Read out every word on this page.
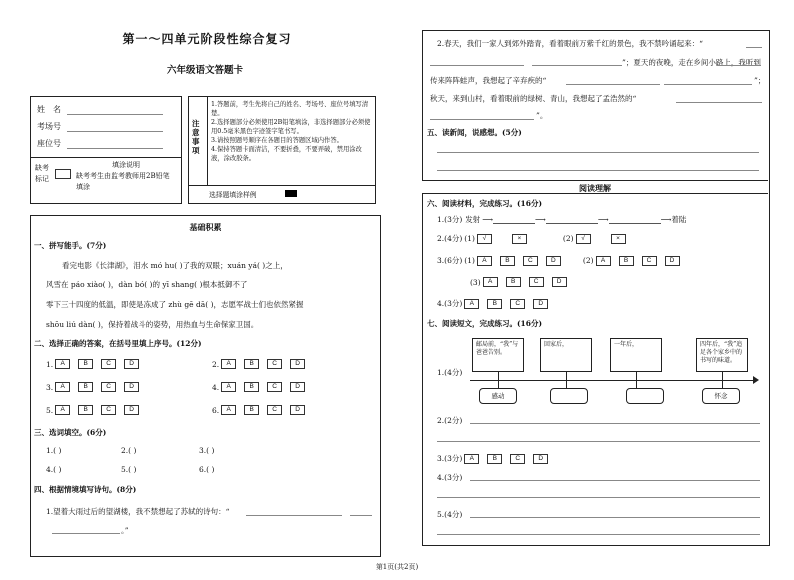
第一～四单元阶段性综合复习
六年级语文答题卡
姓　名
考场号
座位号
缺考标记
填涂说明
缺考考生由监考教师用2B铅笔填涂
注意事项
1.答题前，考生先将自己的姓名、考场号、座位号填写清楚。
2.选择题部分必须使用2B铅笔填涂，非选择题部分必须使用0.5毫米黑色字迹签字笔书写。
3.请按照题号顺序在各题目的答题区域内作答。
4.保持答题卡面清洁，不要折叠，不要弄破，禁用涂改液，涂改胶条。
选择题填涂样例
基础积累
一、拼写能手。(7分)
看完电影《长津湖》，泪水 mó hu( )了我的双眼；xuán yá( )之上，
风雪在 páo xiào( )，dàn bó( )的 yī shang( )根本抵御不了
零下三十四度的低温，即使是冻成了 zhù gē dā( )，志愿军战士们也依然紧握
shōu liú dàn( )，保持着战斗的姿势，用热血与生命保家卫国。
二、选择正确的答案，在括号里填上序号。(12分)
1.	A	B	C	D	2.	A	B	C	D
3.	A	B	C	D	4.	A	B	C	D
5.	A	B	C	D	6.	A	B	C	D
三、选词填空。(6分)
1.( )	2.( )	3.( )
4.( )	5.( )	6.( )
四、根据情境填写诗句。(8分)
1.望着大雨过后的望湖楼，我不禁想起了苏轼的诗句：“
。”
2.春天，我们一家人到郊外踏青，看着眼前万紫千红的景色，我不禁吟诵起来：“
”；夏天的夜晚，走在乡间小路上，我听到
传来阵阵蛙声，我想起了辛弃疾的“	”；
秋天，来到山村，看着眼前的绿树、青山，我想起了孟浩然的“
”。
五、读新闻，说感想。(5分)
阅读理解
六、阅读材料，完成练习。(16分)
1.(3分) 发射 ⟶	⟶	⟶	⟶ 着陆
2.(4分) (1)	√	×	(2)	√	×
3.(6分) (1)	A	B	C	D	(2)	A	B	C	D
(3)	A	B	C	D
4.(3分)	A	B	C	D
七、阅读短文，完成练习。(16分)
1.(4分)
邮局前，“我”与爸爸告别。
回家后，	一年后，	四年后，“我”追足各个家乡中的书写的味道。
感动	怀念
2.(2分)
3.(3分)	A	B	C	D
4.(3分)
5.(4分)
第1页(共2页)
